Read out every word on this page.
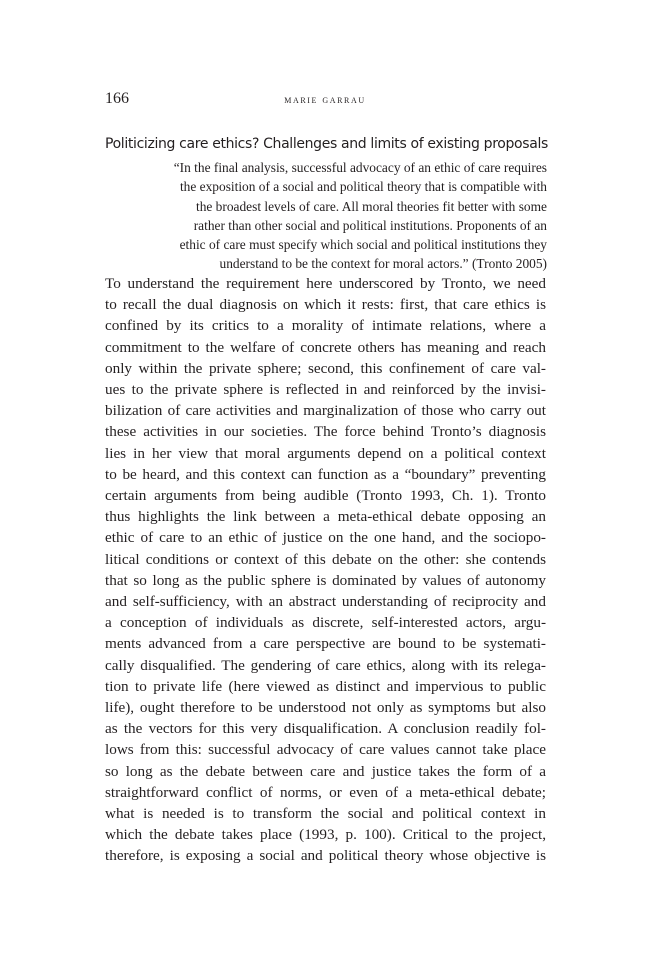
166	marie garrau
Politicizing care ethics? Challenges and limits of existing proposals
“In the final analysis, successful advocacy of an ethic of care requires
the exposition of a social and political theory that is compatible with
the broadest levels of care. All moral theories fit better with some
rather than other social and political institutions. Proponents of an
ethic of care must specify which social and political institutions they
understand to be the context for moral actors.” (Tronto 2005)
To understand the requirement here underscored by Tronto, we need
to recall the dual diagnosis on which it rests: first, that care ethics is
confined by its critics to a morality of intimate relations, where a
commitment to the welfare of concrete others has meaning and reach
only within the private sphere; second, this confinement of care val-
ues to the private sphere is reflected in and reinforced by the invisi-
bilization of care activities and marginalization of those who carry out
these activities in our societies. The force behind Tronto’s diagnosis
lies in her view that moral arguments depend on a political context
to be heard, and this context can function as a “boundary” preventing
certain arguments from being audible (Tronto 1993, Ch. 1). Tronto
thus highlights the link between a meta-ethical debate opposing an
ethic of care to an ethic of justice on the one hand, and the sociopo-
litical conditions or context of this debate on the other: she contends
that so long as the public sphere is dominated by values of autonomy
and self-sufficiency, with an abstract understanding of reciprocity and
a conception of individuals as discrete, self-interested actors, argu-
ments advanced from a care perspective are bound to be systemati-
cally disqualified. The gendering of care ethics, along with its relega-
tion to private life (here viewed as distinct and impervious to public
life), ought therefore to be understood not only as symptoms but also
as the vectors for this very disqualification. A conclusion readily fol-
lows from this: successful advocacy of care values cannot take place
so long as the debate between care and justice takes the form of a
straightforward conflict of norms, or even of a meta-ethical debate;
what is needed is to transform the social and political context in
which the debate takes place (1993, p. 100). Critical to the project,
therefore, is exposing a social and political theory whose objective is
